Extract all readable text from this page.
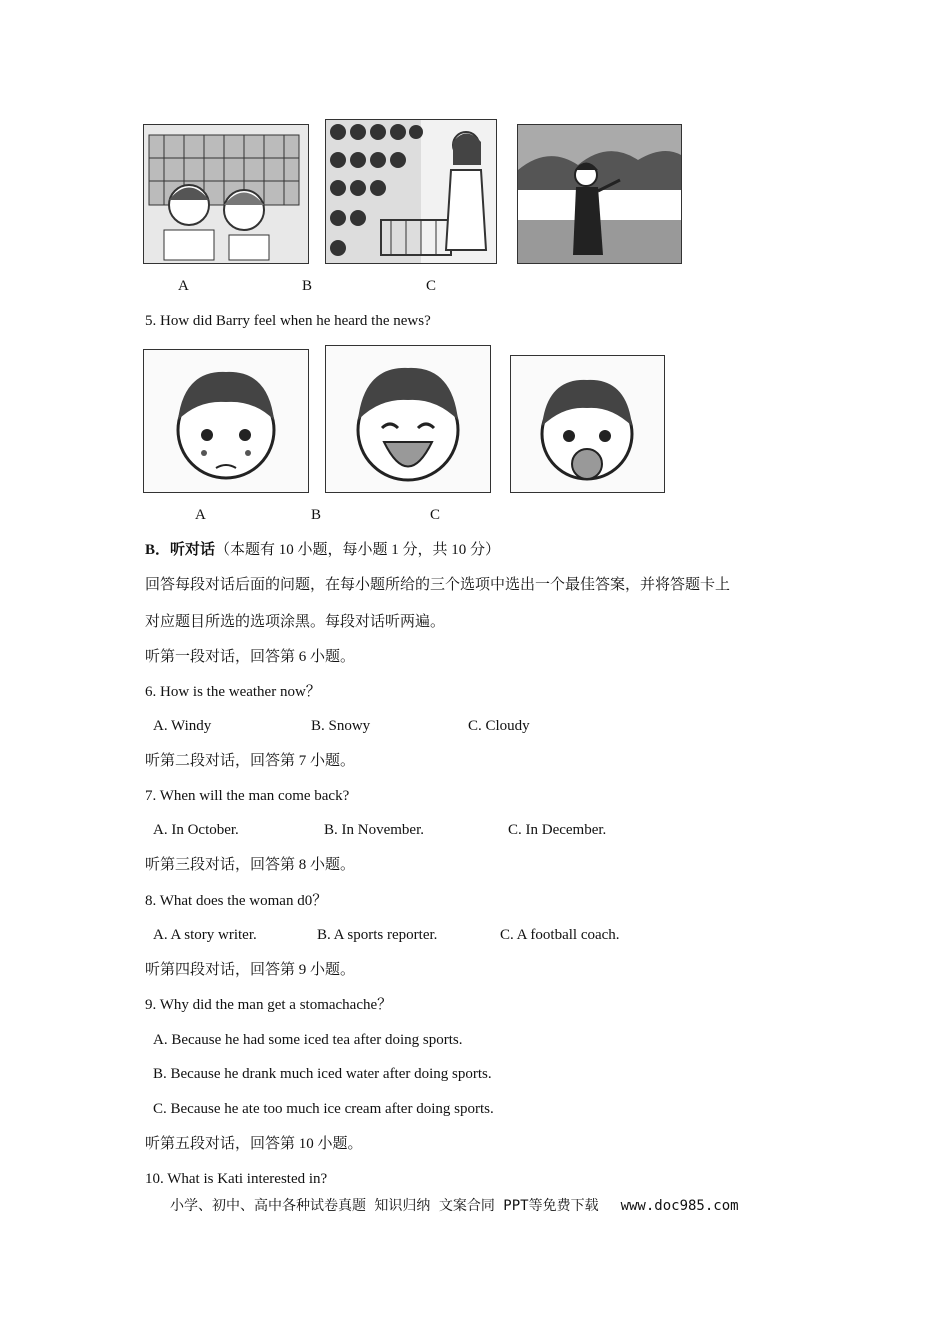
A	B	C
5. How did Barry feel when he heard the news?
A	B	C
B．听对话（本题有 10 小题，每小题 1 分，共 10 分）
回答每段对话后面的问题，在每小题所给的三个选项中选出一个最佳答案，并将答题卡上
对应题目所选的选项涂黑。每段对话听两遍。
听第一段对话，回答第 6 小题。
6. How is the weather now？
A. Windy	B. Snowy	C. Cloudy
听第二段对话，回答第 7 小题。
7. When will the man come back?
A. In October.	B. In November.	C. In December.
听第三段对话，回答第 8 小题。
8. What does the woman d0？
A. A story writer.	B. A sports reporter.	C. A football coach.
听第四段对话，回答第 9 小题。
9. Why did the man get a stomachache？
A. Because he had some iced tea after doing sports.
B. Because he drank much iced water after doing sports.
C. Because he ate too much ice cream after doing sports.
听第五段对话，回答第 10 小题。
10. What is Kati interested in?
小学、初中、高中各种试卷真题 知识归纳 文案合同 PPT等免费下载 www.doc985.com
